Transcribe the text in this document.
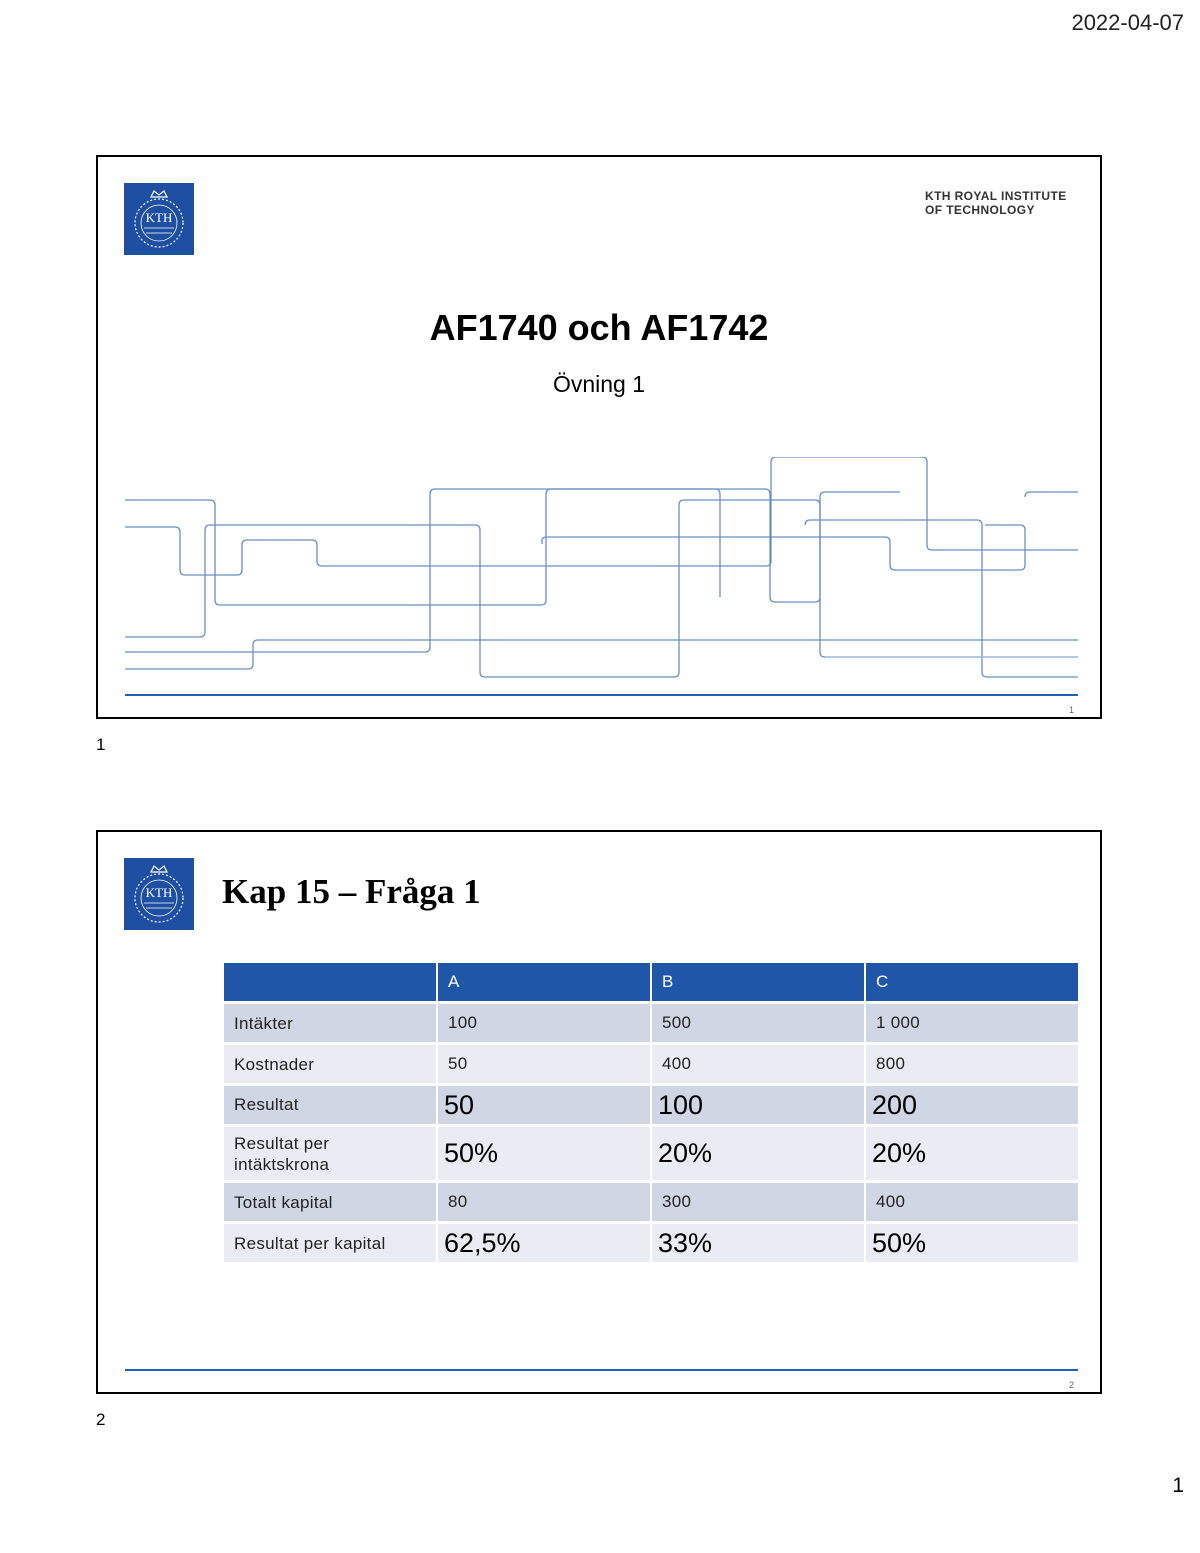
2022-04-07
KTH
KTH ROYAL INSTITUTE
OF TECHNOLOGY
AF1740 och AF1742
Övning 1
1
1
KTH Kap 15 – Fråga 1
	A	B	C
Intäkter	100	500	1 000
Kostnader	50	400	800
Resultat	50	100	200

Resultat per intäktskrona	50%	20%	20%
Totalt kapital	80	300	400
Resultat per kapital	62,5%	33%	50%
2
2
1
